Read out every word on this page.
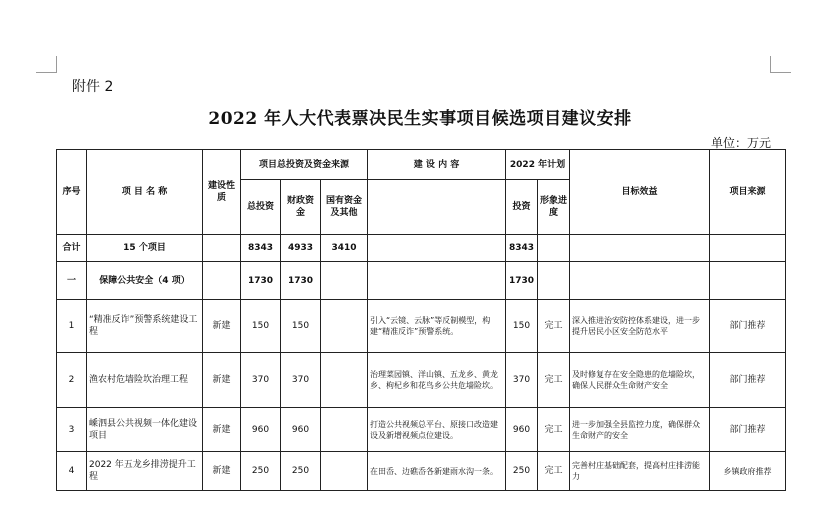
附件 2
2022 年人大代表票决民生实事项目候选项目建议安排
单位：万元
序号	项 目 名 称	建设性质	项目总投资及资金来源			建 设 内 容	2022 年计划		目标效益	项目来源
			总投资	财政资金	国有资金及其他		投资	形象进度		
合计	15 个项目		8343	4933	3410		8343			
一	保障公共安全（4 项）		1730	1730			1730			
1	“精准反诈”预警系统建设工程	新建	150	150		引入“云镜、云脉”等反制模型，构建“精准反诈”预警系统。	150	完工	深入推进治安防控体系建设，进一步提升居民小区安全防范水平	部门推荐
2	渔农村危墙险坎治理工程	新建	370	370		治理菜园镇、洋山镇、五龙乡、黄龙乡、枸杞乡和花鸟乡公共危墙险坎。	370	完工	及时修复存在安全隐患的危墙险坎，确保人民群众生命财产安全	部门推荐
3	嵊泗县公共视频一体化建设项目	新建	960	960		打造公共视频总平台、原接口改造建设及新增视频点位建设。	960	完工	进一步加强全县监控力度，确保群众生命财产的安全	部门推荐
4	2022 年五龙乡排涝提升工程	新建	250	250		在田岙、边礁岙各新建雨水沟一条。	250	完工	完善村庄基础配套，提高村庄排涝能力	乡镇政府推荐
